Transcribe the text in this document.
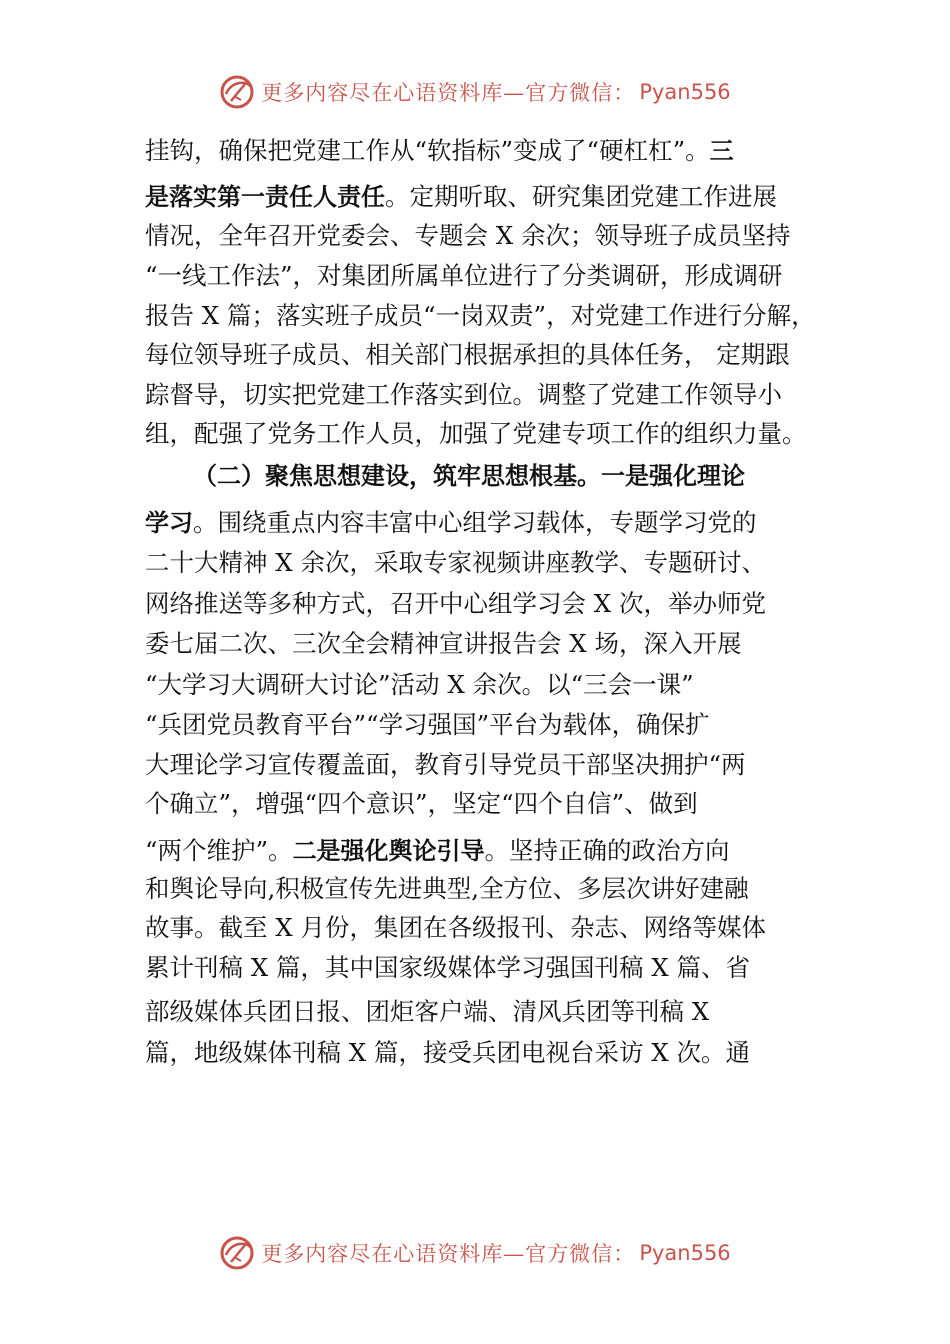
更多内容尽在心语资料库—官方微信： Pyan556
挂钩，确保把党建工作从“软指标”变成了“硬杠杠”。三
是落实第一责任人责任。定期听取、研究集团党建工作进展
情况，全年召开党委会、专题会 X 余次；领导班子成员坚持
“一线工作法”，对集团所属单位进行了分类调研，形成调研
报告 X 篇；落实班子成员“一岗双责”，对党建工作进行分解，
每位领导班子成员、相关部门根据承担的具体任务， 定期跟
踪督导，切实把党建工作落实到位。调整了党建工作领导小
组，配强了党务工作人员，加强了党建专项工作的组织力量。
（二）聚焦思想建设，筑牢思想根基。一是强化理论
学习。围绕重点内容丰富中心组学习载体，专题学习党的
二十大精神 X 余次，采取专家视频讲座教学、专题研讨、
网络推送等多种方式，召开中心组学习会 X 次，举办师党
委七届二次、三次全会精神宣讲报告会 X 场，深入开展
“大学习大调研大讨论”活动 X 余次。以“三会一课”
“兵团党员教育平台”“学习强国”平台为载体，确保扩
大理论学习宣传覆盖面，教育引导党员干部坚决拥护“两
个确立”，增强“四个意识”，坚定“四个自信”、做到
“两个维护”。二是强化舆论引导。坚持正确的政治方向
和舆论导向,积极宣传先进典型,全方位、多层次讲好建融
故事。截至 X 月份，集团在各级报刊、杂志、网络等媒体
累计刊稿 X 篇，其中国家级媒体学习强国刊稿 X 篇、省
部级媒体兵团日报、团炬客户端、清风兵团等刊稿 X
篇，地级媒体刊稿 X 篇，接受兵团电视台采访 X 次。通
更多内容尽在心语资料库—官方微信： Pyan556
